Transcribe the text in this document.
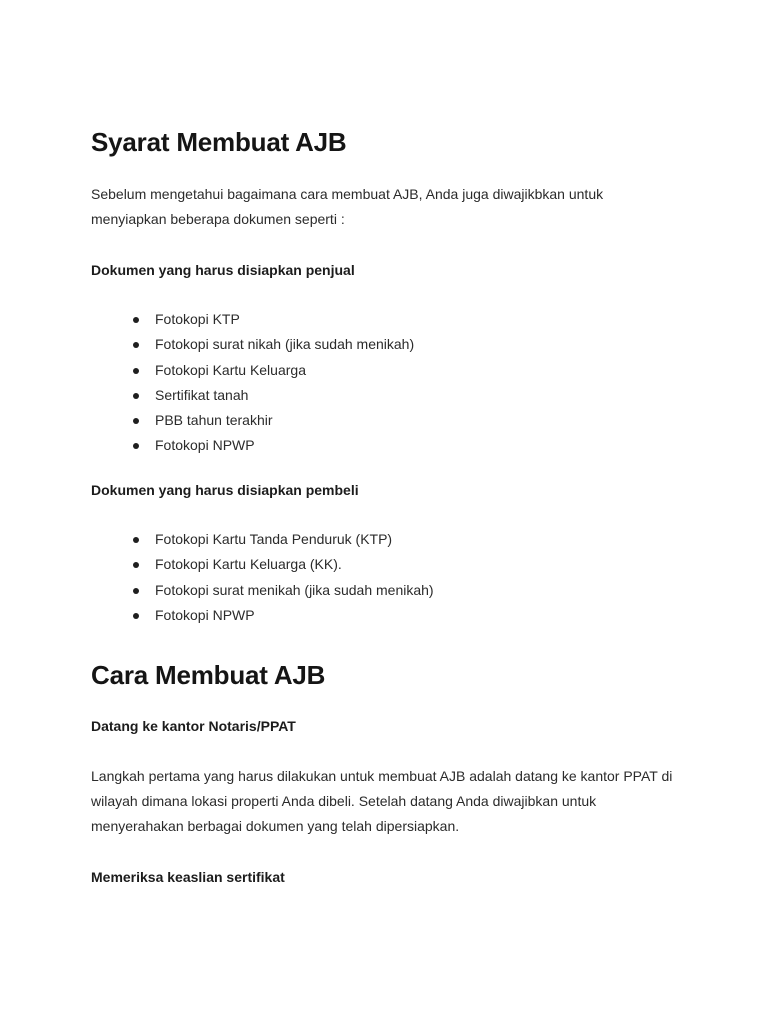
Syarat Membuat AJB

Sebelum mengetahui bagaimana cara membuat AJB, Anda juga diwajikbkan untuk menyiapkan beberapa dokumen seperti :

Dokumen yang harus disiapkan penjual
Fotokopi KTP
Fotokopi surat nikah (jika sudah menikah)
Fotokopi Kartu Keluarga
Sertifikat tanah
PBB tahun terakhir
Fotokopi NPWP
Dokumen yang harus disiapkan pembeli
Fotokopi Kartu Tanda Penduruk (KTP)
Fotokopi Kartu Keluarga (KK).
Fotokopi surat menikah (jika sudah menikah)
Fotokopi NPWP
Cara Membuat AJB
Datang ke kantor Notaris/PPAT

Langkah pertama yang harus dilakukan untuk membuat AJB adalah datang ke kantor PPAT di wilayah dimana lokasi properti Anda dibeli. Setelah datang Anda diwajibkan untuk menyerahakan berbagai dokumen yang telah dipersiapkan.

Memeriksa keaslian sertifikat
